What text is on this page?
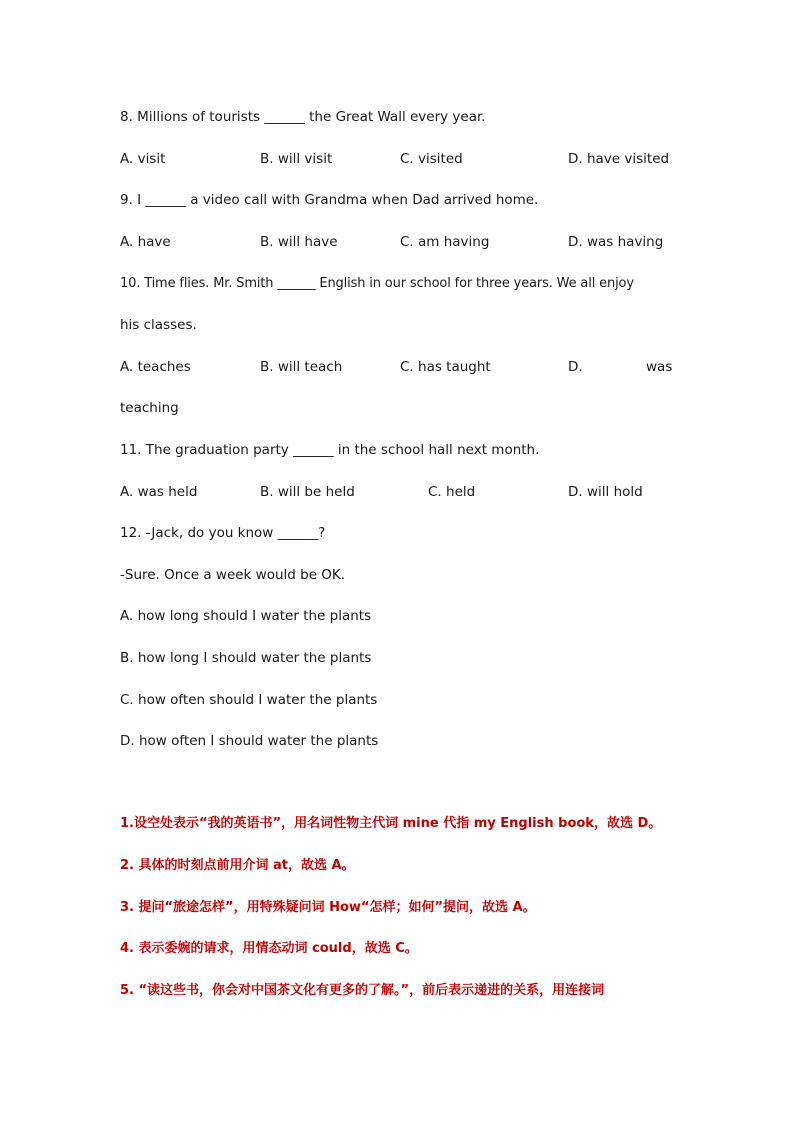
8. Millions of tourists ______ the Great Wall every year.
A. visit	B. will visit	C. visited	D. have visited
9. I ______ a video call with Grandma when Dad arrived home.
A. have	B. will have	C. am having	D. was having
10. Time flies. Mr. Smith ______ English in our school for three years. We all enjoy
his classes.
A. teaches	B. will teach	C. has taught	D.	was
teaching
11. The graduation party ______ in the school hall next month.
A. was held	B. will be held	C. held	D. will hold
12. -Jack, do you know ______?
-Sure. Once a week would be OK.
A. how long should I water the plants
B. how long I should water the plants
C. how often should I water the plants
D. how often I should water the plants
1.设空处表示“我的英语书”，用名词性物主代词 mine 代指 my English book，故选 D。
2. 具体的时刻点前用介词 at，故选 A。
3. 提问“旅途怎样”，用特殊疑问词 How“怎样；如何”提问，故选 A。
4. 表示委婉的请求，用情态动词 could，故选 C。
5. “读这些书，你会对中国茶文化有更多的了解。”，前后表示递进的关系，用连接词
